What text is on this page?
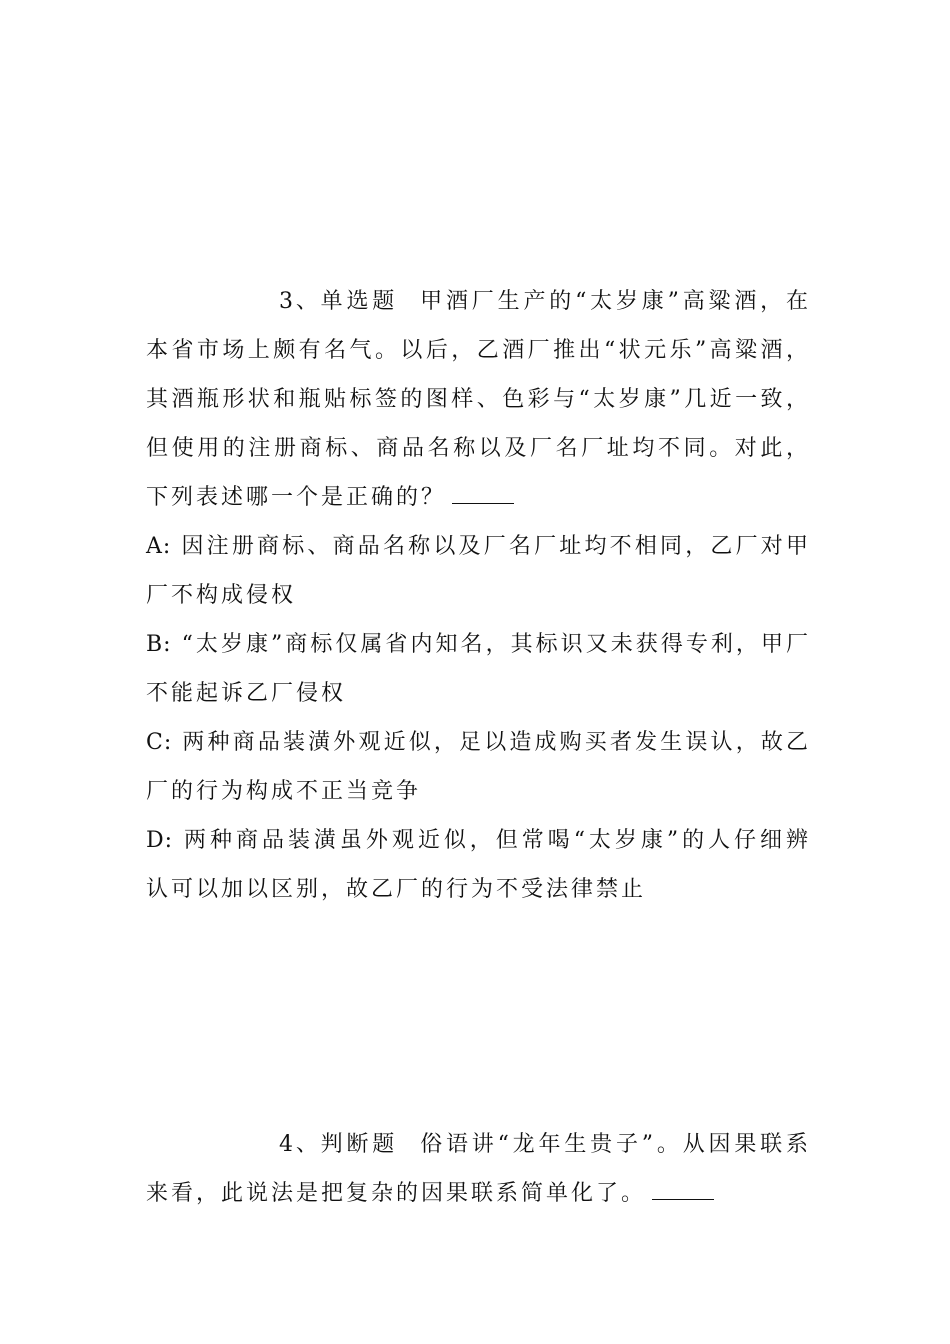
3、单选题 甲酒厂生产的“太岁康”高粱酒，在本省市场上颇有名气。以后，乙酒厂推出“状元乐”高粱酒，其酒瓶形状和瓶贴标签的图样、色彩与“太岁康”几近一致，但使用的注册商标、商品名称以及厂名厂址均不同。对此，下列表述哪一个是正确的？

A: 因注册商标、商品名称以及厂名厂址均不相同，乙厂对甲厂不构成侵权

B: “太岁康”商标仅属省内知名，其标识又未获得专利，甲厂不能起诉乙厂侵权

C: 两种商品装潢外观近似，足以造成购买者发生误认，故乙厂的行为构成不正当竞争

D: 两种商品装潢虽外观近似，但常喝“太岁康”的人仔细辨认可以加以区别，故乙厂的行为不受法律禁止

4、判断题 俗语讲“龙年生贵子”。从因果联系来看，此说法是把复杂的因果联系简单化了。
